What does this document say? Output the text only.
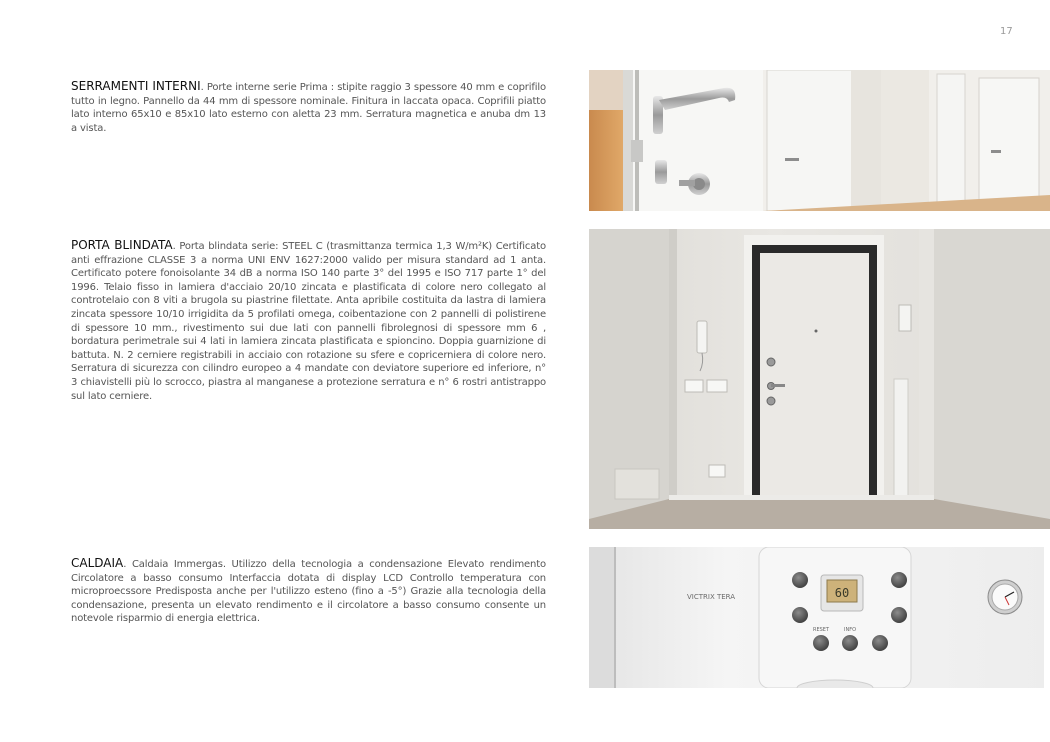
17
SERRAMENTI INTERNI. Porte interne serie Prima : stipite raggio 3 spessore 40 mm e coprifilo tutto in legno. Pannello da 44 mm di spessore nominale. Finitura in laccata opaca. Coprifili piatto lato interno 65x10 e 85x10 lato esterno con aletta 23 mm. Serratura magnetica e anuba dm 13 a vista.
PORTA BLINDATA. Porta blindata serie: STEEL C (trasmittanza termica 1,3 W/m²K) Certificato anti effrazione CLASSE 3 a norma UNI ENV 1627:2000 valido per misura standard ad 1 anta. Certificato potere fonoisolante 34 dB a norma ISO 140 parte 3° del 1995 e ISO 717 parte 1° del 1996. Telaio fisso in lamiera d'acciaio 20/10 zincata e plastificata di colore nero collegato al controtelaio con 8 viti a brugola su piastrine filettate. Anta apribile costituita da lastra di lamiera zincata spessore 10/10 irrigidita da 5 profilati omega, coibentazione con 2 pannelli di polistirene di spessore 10 mm., rivestimento sui due lati con pannelli fibrolegnosi di spessore mm 6 , bordatura perimetrale sui 4 lati in lamiera zincata plastificata e spioncino. Doppia guarnizione di battuta. N. 2 cerniere registrabili in acciaio con rotazione su sfere e copricerniera di colore nero. Serratura di sicurezza con cilindro europeo a 4 mandate con deviatore superiore ed inferiore, n° 3 chiavistelli più lo scrocco, piastra al manganese a protezione serratura e n° 6 rostri antistrappo sul lato cerniere.
CALDAIA. Caldaia Immergas. Utilizzo della tecnologia a condensazione Elevato rendimento Circolatore a basso consumo Interfaccia dotata di display LCD Controllo temperatura con microproecssore Predisposta anche per l'utilizzo esteno (fino a -5°) Grazie alla tecnologia della condensazione, presenta un elevato rendimento e il circolatore a basso consumo consente un notevole risparmio di energia elettrica.
VICTRIX TERA	60
RESET	INFO
